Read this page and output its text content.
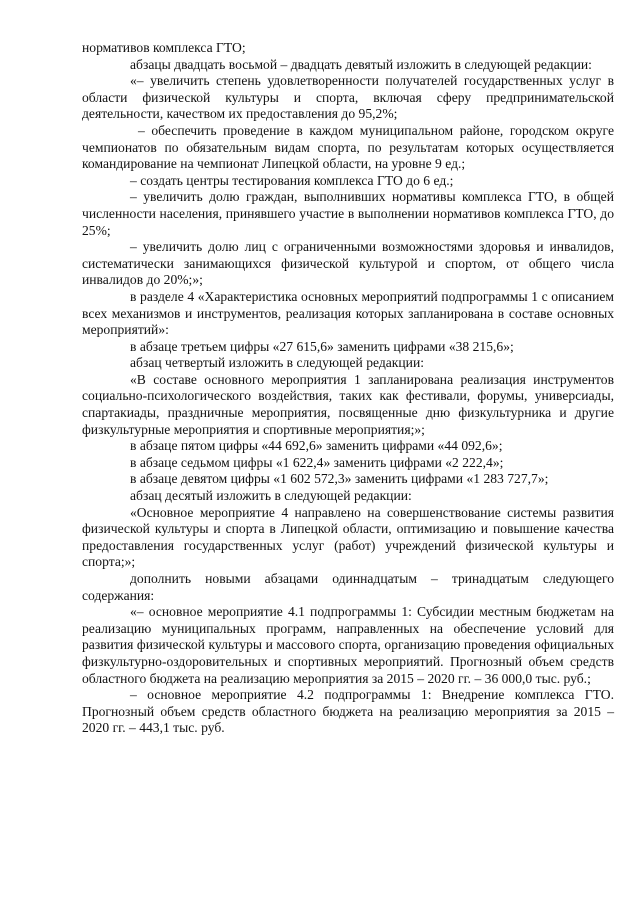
нормативов комплекса ГТО;

абзацы двадцать восьмой – двадцать девятый изложить в следующей редакции:

«– увеличить степень удовлетворенности получателей государственных услуг в области физической культуры и спорта, включая сферу предпринимательской деятельности, качеством их предоставления до 95,2%;

– обеспечить проведение в каждом муниципальном районе, городском округе чемпионатов по обязательным видам спорта, по результатам которых осуществляется командирование на чемпионат Липецкой области, на уровне 9 ед.;

– создать центры тестирования комплекса ГТО до 6 ед.;

– увеличить долю граждан, выполнивших нормативы комплекса ГТО, в общей численности населения, принявшего участие в выполнении нормативов комплекса ГТО, до 25%;

– увеличить долю лиц с ограниченными возможностями здоровья и инвалидов, систематически занимающихся физической культурой и спортом, от общего числа инвалидов до 20%;»;

в разделе 4 «Характеристика основных мероприятий подпрограммы 1 с описанием всех механизмов и инструментов, реализация которых запланирована в составе основных мероприятий»:

в абзаце третьем цифры «27 615,6» заменить цифрами «38 215,6»;

абзац четвертый изложить в следующей редакции:

«В составе основного мероприятия 1 запланирована реализация инструментов социально-психологического воздействия, таких как фестивали, форумы, универсиады, спартакиады, праздничные мероприятия, посвященные дню физкультурника и другие физкультурные мероприятия и спортивные мероприятия;»;

в абзаце пятом цифры «44 692,6» заменить цифрами «44 092,6»;

в абзаце седьмом цифры «1 622,4» заменить цифрами «2 222,4»;

в абзаце девятом цифры «1 602 572,3» заменить цифрами «1 283 727,7»;

абзац десятый изложить в следующей редакции:

«Основное мероприятие 4 направлено на совершенствование системы развития физической культуры и спорта в Липецкой области, оптимизацию и повышение качества предоставления государственных услуг (работ) учреждений физической культуры и спорта;»;

дополнить новыми абзацами одиннадцатым – тринадцатым следующего содержания:

«– основное мероприятие 4.1 подпрограммы 1: Субсидии местным бюджетам на реализацию муниципальных программ, направленных на обеспечение условий для развития физической культуры и массового спорта, организацию проведения официальных физкультурно-оздоровительных и спортивных мероприятий. Прогнозный объем средств областного бюджета на реализацию мероприятия за 2015 – 2020 гг. – 36 000,0 тыс. руб.;

– основное мероприятие 4.2 подпрограммы 1: Внедрение комплекса ГТО. Прогнозный объем средств областного бюджета на реализацию мероприятия за 2015 – 2020 гг. – 443,1 тыс. руб.
